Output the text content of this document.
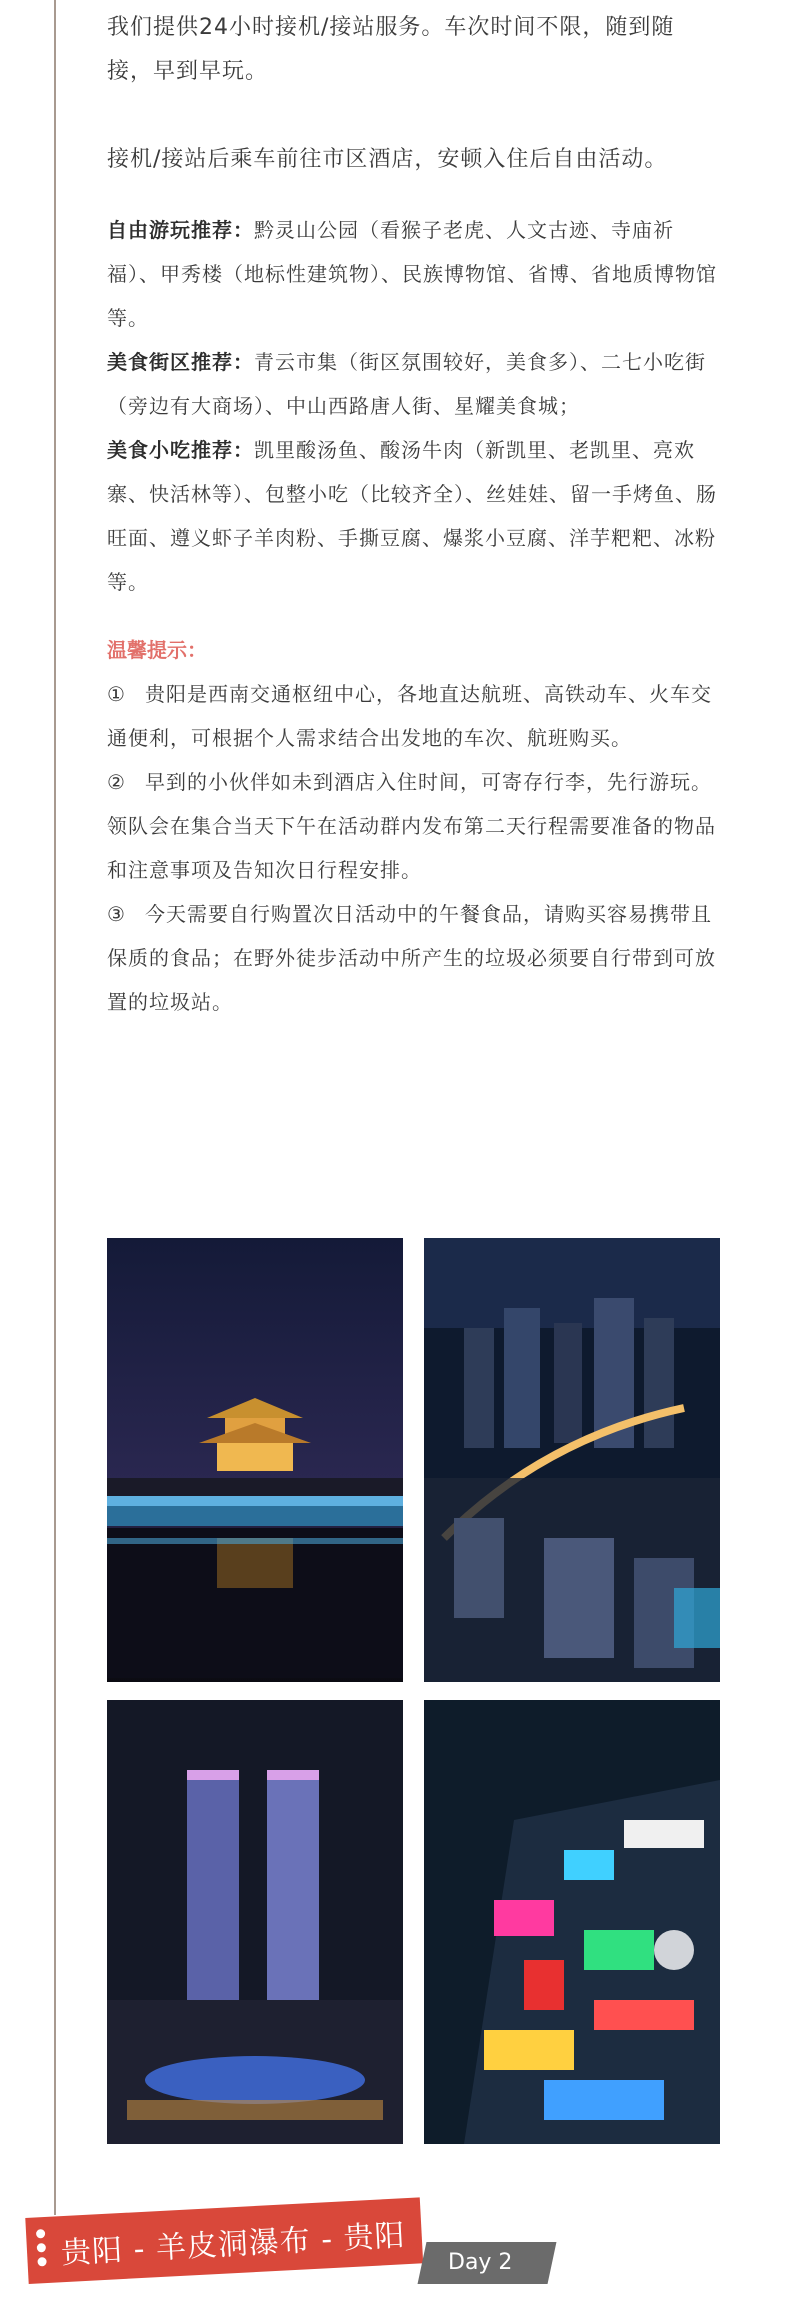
我们提供24小时接机/接站服务。车次时间不限，随到随接，早到早玩。

接机/接站后乘车前往市区酒店，安顿入住后自由活动。

自由游玩推荐：黔灵山公园（看猴子老虎、人文古迹、寺庙祈福）、甲秀楼（地标性建筑物）、民族博物馆、省博、省地质博物馆等。

美食街区推荐：青云市集（街区氛围较好，美食多）、二七小吃街（旁边有大商场）、中山西路唐人街、星耀美食城；

美食小吃推荐：凯里酸汤鱼、酸汤牛肉（新凯里、老凯里、亮欢寨、快活林等）、包整小吃（比较齐全）、丝娃娃、留一手烤鱼、肠旺面、遵义虾子羊肉粉、手撕豆腐、爆浆小豆腐、洋芋粑粑、冰粉等。

温馨提示：

① 贵阳是西南交通枢纽中心，各地直达航班、高铁动车、火车交通便利，可根据个人需求结合出发地的车次、航班购买。

② 早到的小伙伴如未到酒店入住时间，可寄存行李，先行游玩。领队会在集合当天下午在活动群内发布第二天行程需要准备的物品和注意事项及告知次日行程安排。

③ 今天需要自行购置次日活动中的午餐食品，请购买容易携带且保质的食品；在野外徒步活动中所产生的垃圾必须要自行带到可放置的垃圾站。

贵阳 - 羊皮洞瀑布 - 贵阳	Day 2
